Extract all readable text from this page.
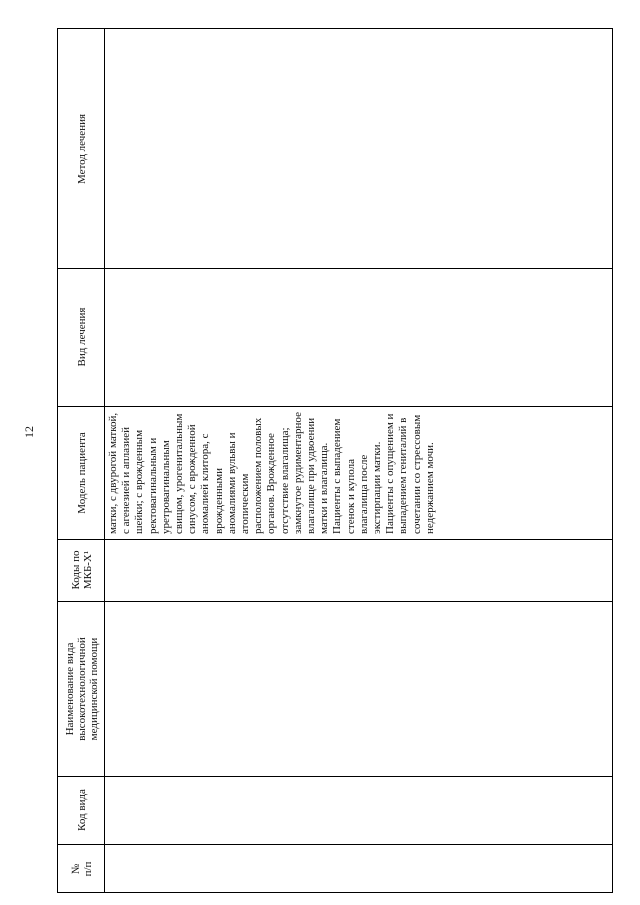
12
Метод лечения
Вид лечения
Модель пациента
Коды по
МКБ-X¹
Наименование вида
высокотехнологичной
медицинской помощи
Код вида
№
п/п
матки, с двурогой маткой, с агенезией и аплазией шейки; с врожденным ректовагинальным и уретровагинальным свищом, урогенитальным синусом, с врожденной аномалией клитора, с врожденными аномалиями вульвы и атопическим расположением половых органов. Врожденное отсутствие влагалища; замкнутое рудиментарное влагалище при удвоении матки и влагалища. Пациенты с выпадением стенок и купола влагалища после экстирпации матки. Пациенты с опущением и выпадением гениталий в сочетании со стрессовым недержанием мочи.
